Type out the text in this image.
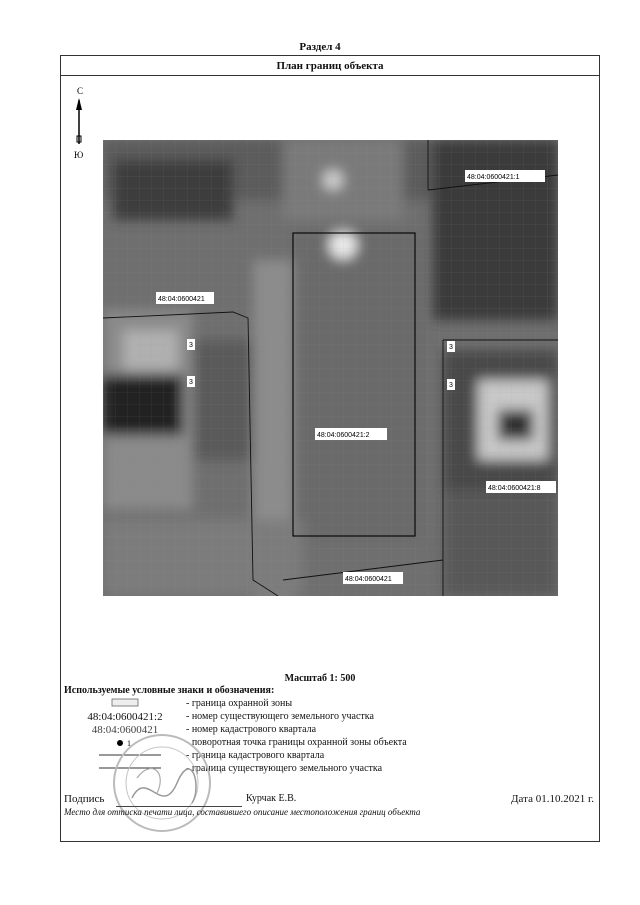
Раздел 4
План границ объекта
С
Ю
48:04:0600421:1
48:04:0600421
48:04:0600421:2
48:04:0600421:8
48:04:0600421
3
3
3
3
Масштаб 1: 500
Используемые условные знаки и обозначения:
- граница охранной зоны
48:04:0600421:2	- номер существующего земельного участка
48:04:0600421	- номер кадастрового квартала
1	- поворотная точка границы охранной зоны объекта
- граница кадастрового квартала
- граница существующего земельного участка
Подпись	Курчак Е.В.	Дата 01.10.2021 г.
Место для оттиска печати лица, составившего описание местоположения границ объекта
